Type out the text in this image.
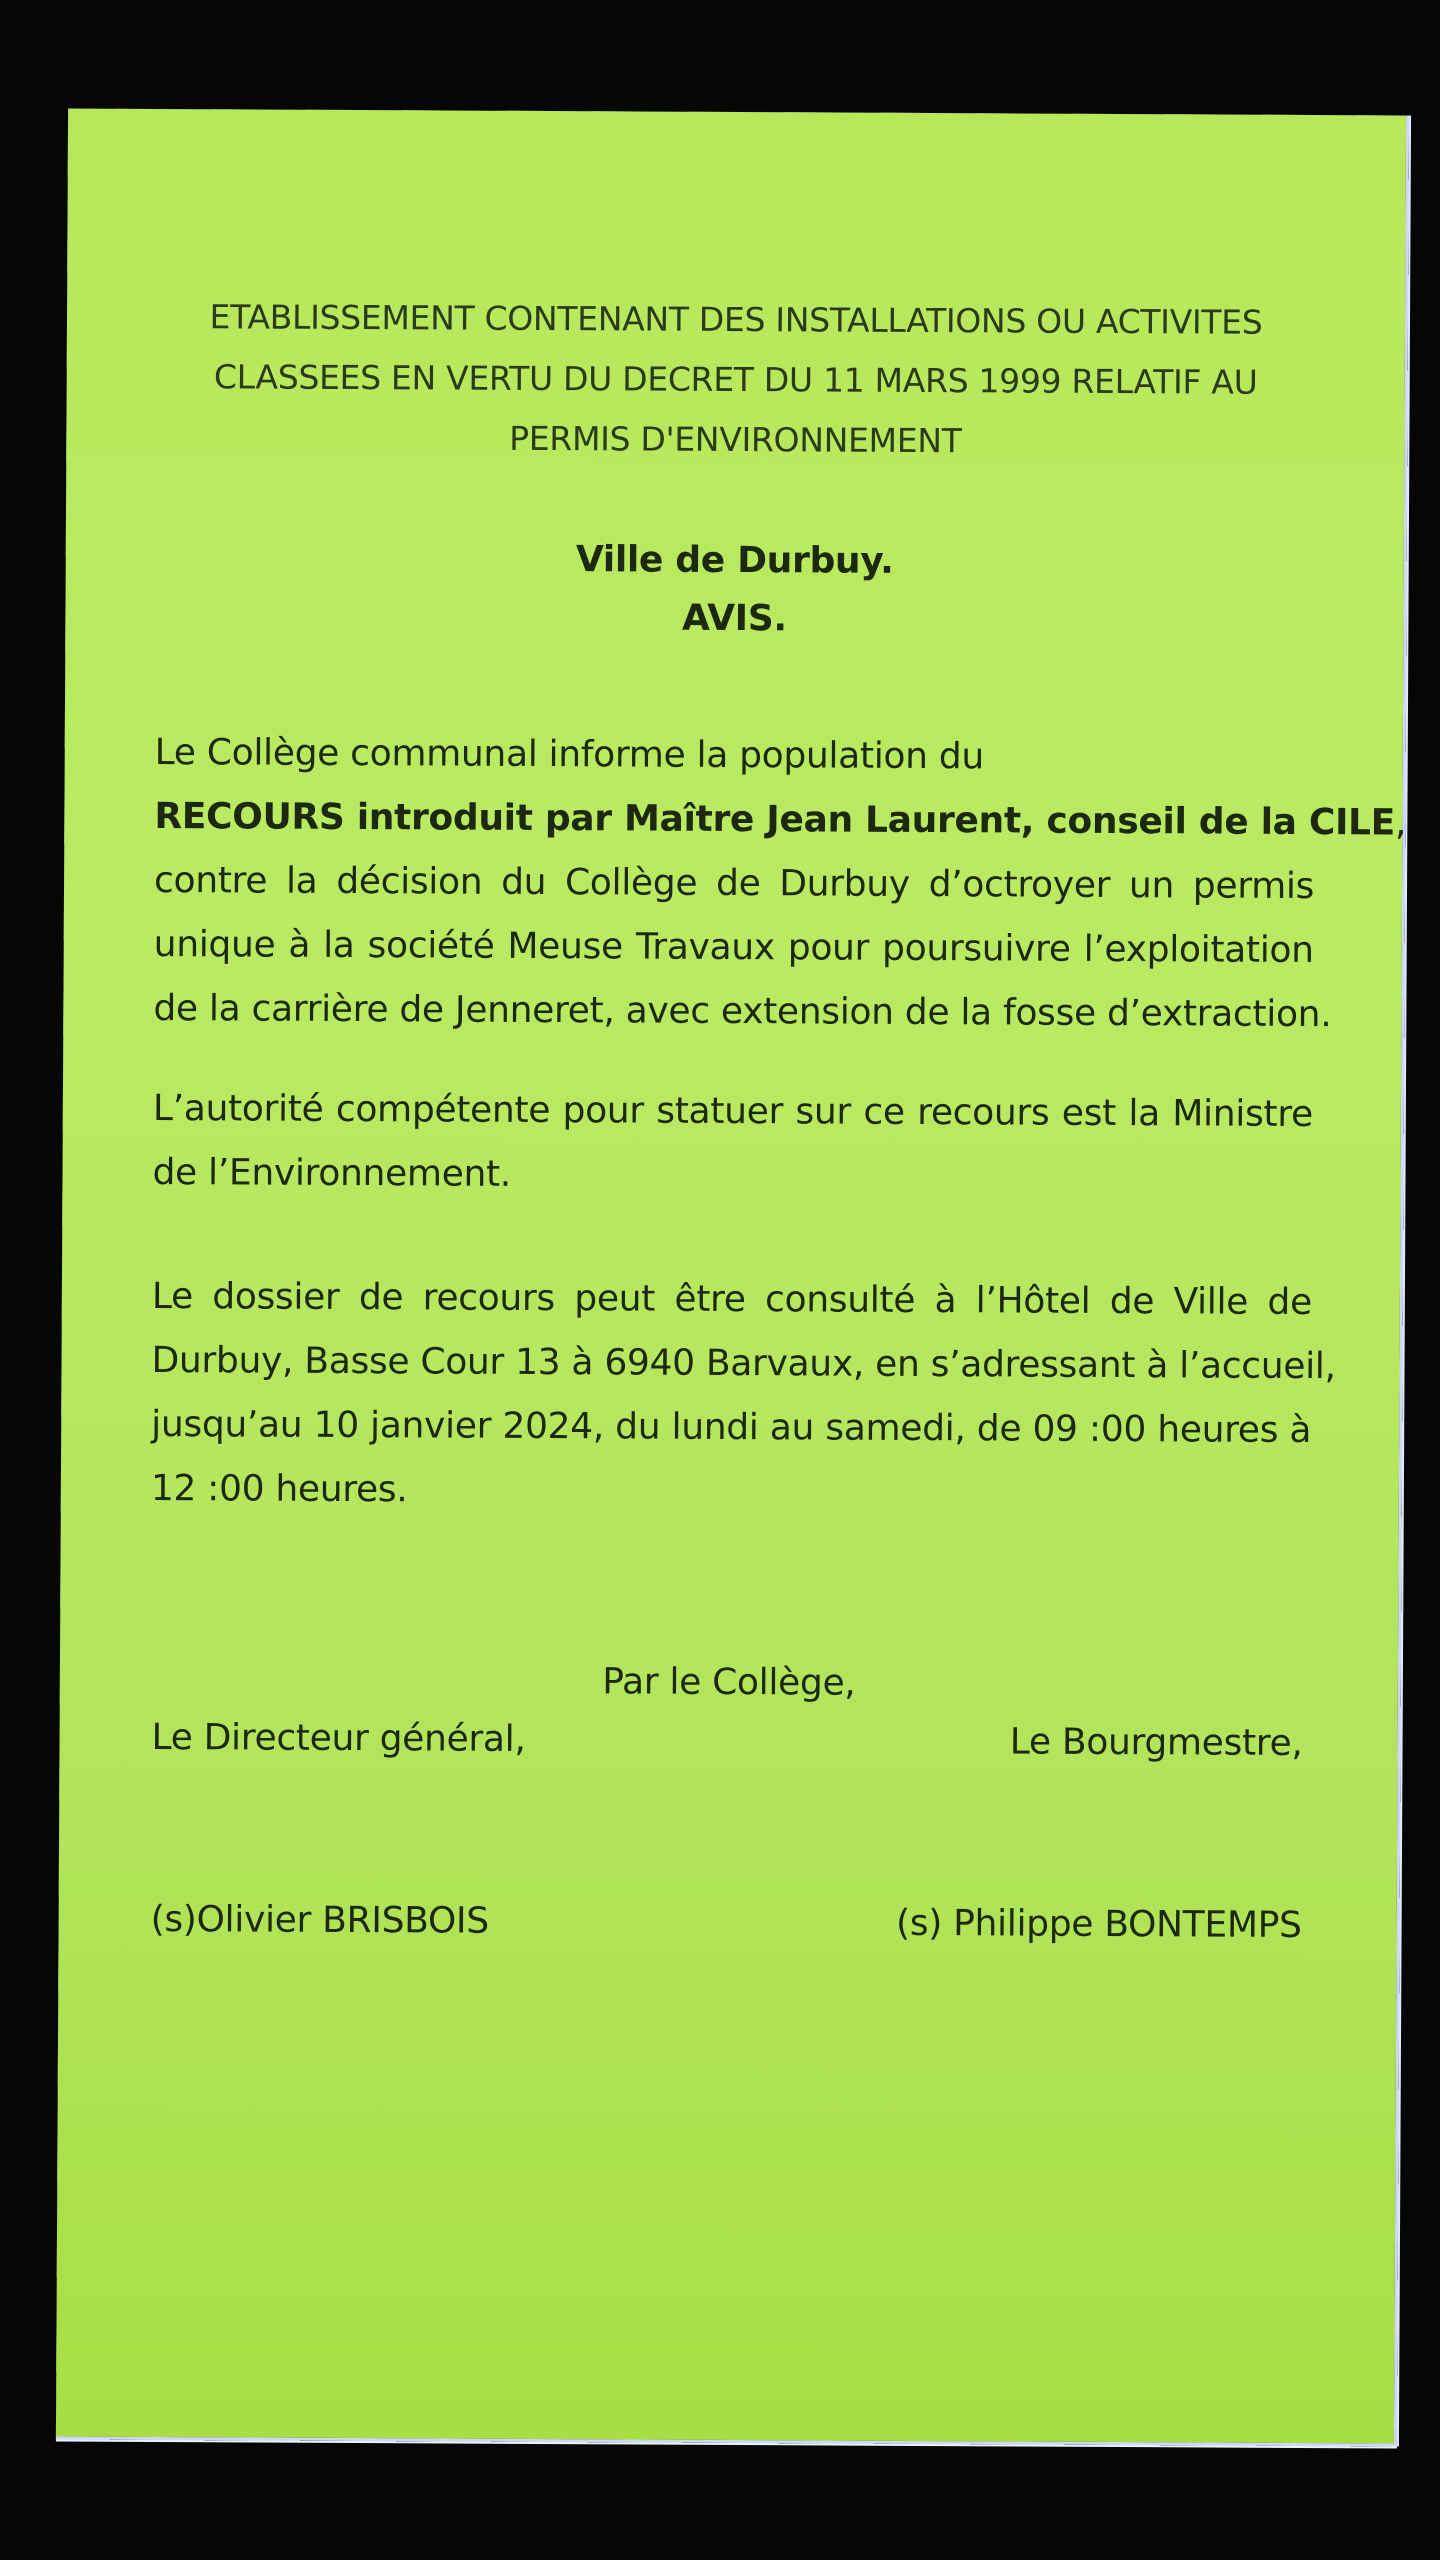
ETABLISSEMENT CONTENANT DES INSTALLATIONS OU ACTIVITES
CLASSEES EN VERTU DU DECRET DU 11 MARS 1999 RELATIF AU
PERMIS D'ENVIRONNEMENT
Ville de Durbuy.
AVIS.
Le Collège communal informe la population du
RECOURS introduit par Maître Jean Laurent, conseil de la CILE,
contre la décision du Collège de Durbuy d’octroyer un permis
unique à la société Meuse Travaux pour poursuivre l’exploitation
de la carrière de Jenneret, avec extension de la fosse d’extraction.
L’autorité compétente pour statuer sur ce recours est la Ministre
de l’Environnement.
Le dossier de recours peut être consulté à l’Hôtel de Ville de
Durbuy, Basse Cour 13 à 6940 Barvaux, en s’adressant à l’accueil,
jusqu’au 10 janvier 2024, du lundi au samedi, de 09 :00 heures à
12 :00 heures.
Par le Collège,
Le Directeur général,	Le Bourgmestre,
(s)Olivier BRISBOIS	(s) Philippe BONTEMPS
